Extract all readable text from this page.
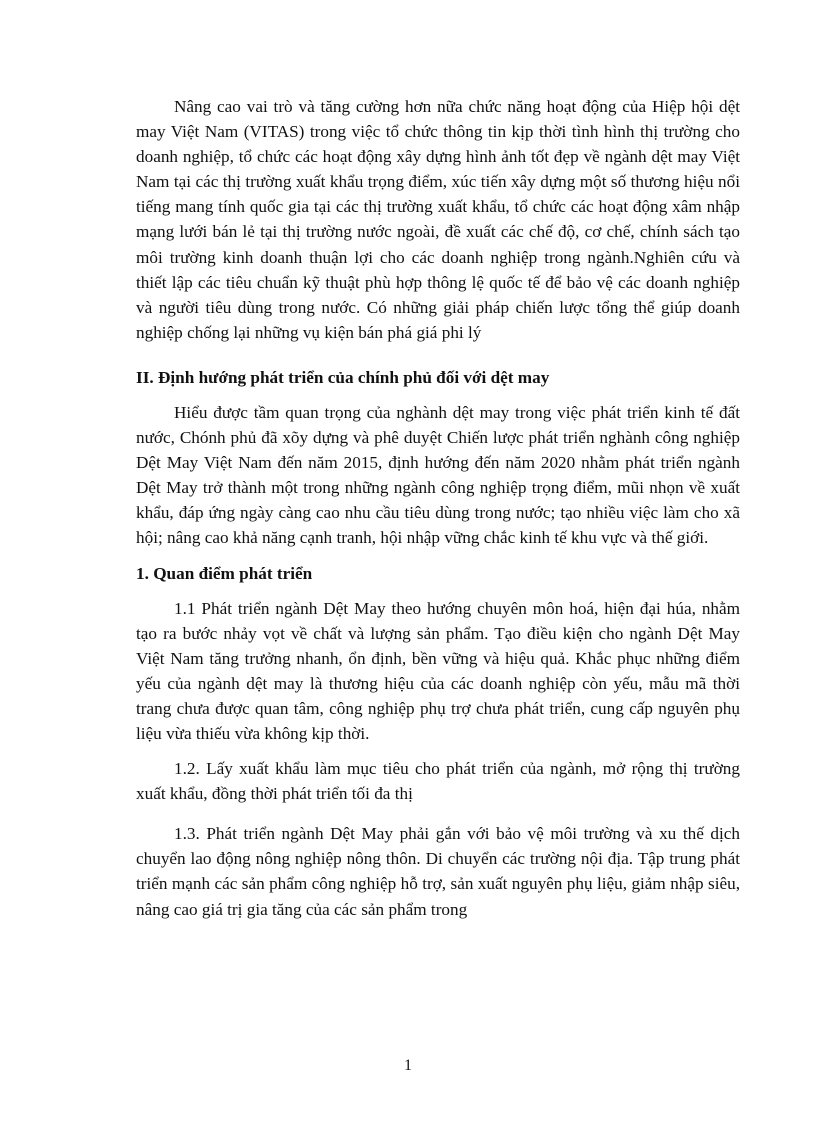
Nâng cao vai trò và tăng cường hơn nữa chức năng hoạt động của Hiệp hội dệt may Việt Nam (VITAS) trong việc tổ chức thông tin kịp thời tình hình thị trường cho doanh nghiệp, tổ chức các hoạt động xây dựng hình ảnh tốt đẹp về ngành dệt may Việt Nam tại các thị trường xuất khẩu trọng điểm, xúc tiến xây dựng một số thương hiệu nổi tiếng mang tính quốc gia tại các thị trường xuất khẩu, tổ chức các hoạt động xâm nhập mạng lưới bán lẻ tại thị trường nước ngoài, đề xuất các chế độ, cơ chế, chính sách tạo môi trường kinh doanh thuận lợi cho các doanh nghiệp trong ngành.Nghiên cứu và thiết lập các tiêu chuẩn kỹ thuật phù hợp thông lệ quốc tế để bảo vệ các doanh nghiệp và người tiêu dùng trong nước. Có những giải pháp chiến lược tổng thể giúp doanh nghiệp chống lại những vụ kiện bán phá giá phi lý

II. Định hướng phát triển của chính phủ đối với dệt may

Hiểu được tầm quan trọng của nghành dệt may trong việc phát triển kinh tế đất nước, Chónh phủ đã xõy dựng và phê duyệt Chiến lược phát triển nghành công nghiệp Dệt May Việt Nam đến năm 2015, định hướng đến năm 2020 nhằm phát triển ngành Dệt May trở thành một trong những ngành công nghiệp trọng điểm, mũi nhọn về xuất khẩu, đáp ứng ngày càng cao nhu cầu tiêu dùng trong nước; tạo nhiều việc làm cho xã hội; nâng cao khả năng cạnh tranh, hội nhập vững chắc kinh tế khu vực và thế giới.

1. Quan điểm phát triển

1.1 Phát triển ngành Dệt May theo hướng chuyên môn hoá, hiện đại húa, nhằm tạo ra bước nhảy vọt về chất và lượng sản phẩm. Tạo điều kiện cho ngành Dệt May Việt Nam tăng trưởng nhanh, ổn định, bền vững và hiệu quả. Khắc phục những điểm yếu của ngành dệt may là thương hiệu của các doanh nghiệp còn yếu, mẫu mã thời trang chưa được quan tâm, công nghiệp phụ trợ chưa phát triển, cung cấp nguyên phụ liệu vừa thiếu vừa không kịp thời.

1.2. Lấy xuất khẩu làm mục tiêu cho phát triển của ngành, mở rộng thị trường xuất khẩu, đồng thời phát triển tối đa thị

1.3. Phát triển ngành Dệt May phải gắn với bảo vệ môi trường và xu thế dịch chuyển lao động nông nghiệp nông thôn. Di chuyển các trường nội địa. Tập trung phát triển mạnh các sản phẩm công nghiệp hỗ trợ, sản xuất nguyên phụ liệu, giảm nhập siêu, nâng cao giá trị gia tăng của các sản phẩm trong

1
